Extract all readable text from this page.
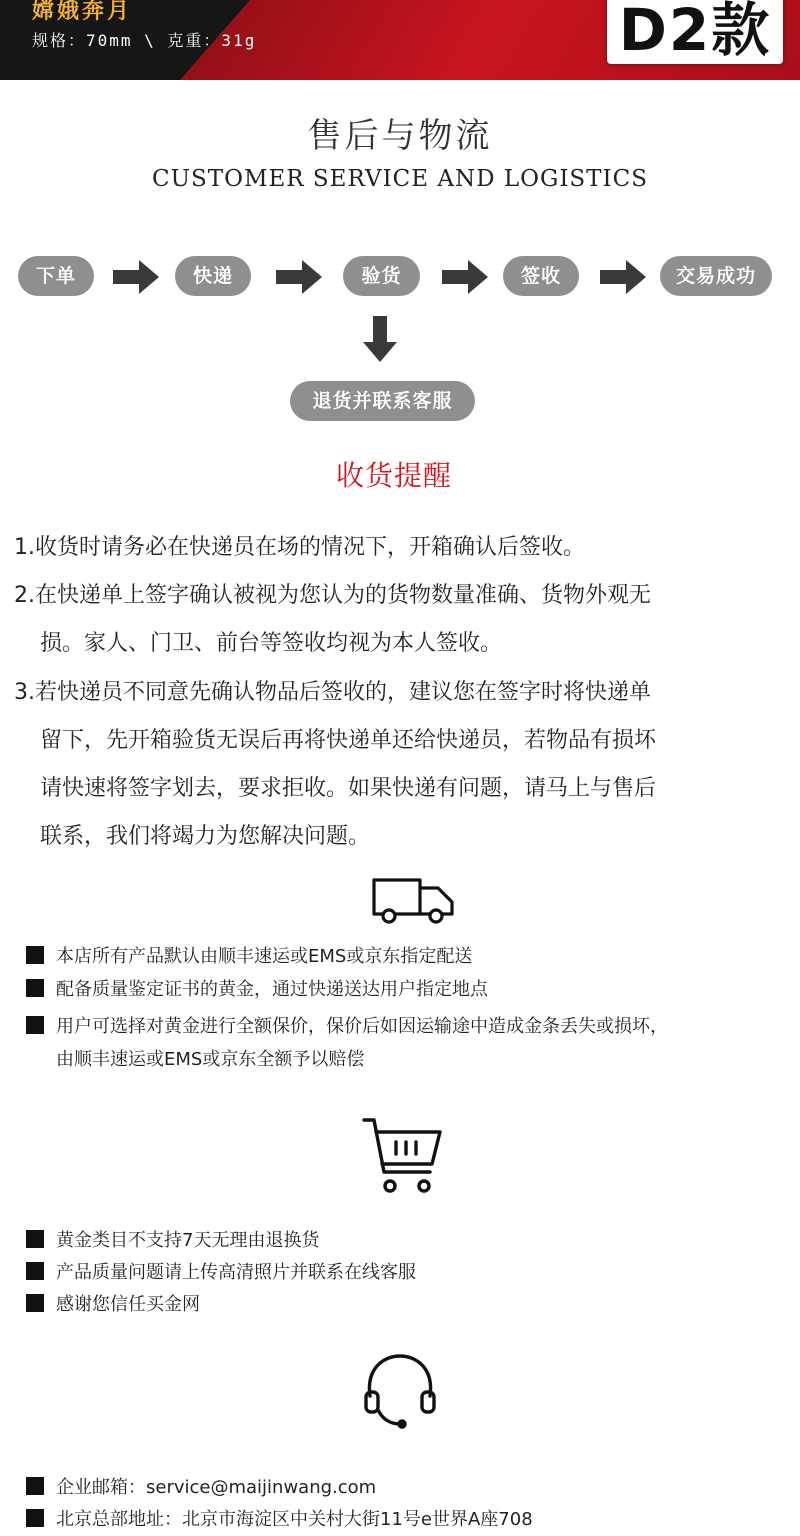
嫦娥奔月
规格：70mm \ 克重：31g	D2款
售后与物流
CUSTOMER SERVICE AND LOGISTICS
下单	快递	验货	签收	交易成功
退货并联系客服
收货提醒
1.收货时请务必在快递员在场的情况下，开箱确认后签收。
2.在快递单上签字确认被视为您认为的货物数量准确、货物外观无
损。家人、门卫、前台等签收均视为本人签收。
3.若快递员不同意先确认物品后签收的，建议您在签字时将快递单
留下，先开箱验货无误后再将快递单还给快递员，若物品有损坏
请快速将签字划去，要求拒收。如果快递有问题，请马上与售后
联系，我们将竭力为您解决问题。
本店所有产品默认由顺丰速运或EMS或京东指定配送
配备质量鉴定证书的黄金，通过快递送达用户指定地点
用户可选择对黄金进行全额保价，保价后如因运输途中造成金条丢失或损坏，
由顺丰速运或EMS或京东全额予以赔偿
黄金类目不支持7天无理由退换货
产品质量问题请上传高清照片并联系在线客服
感谢您信任买金网
企业邮箱：service@maijinwang.com
北京总部地址：北京市海淀区中关村大街11号e世界A座708
